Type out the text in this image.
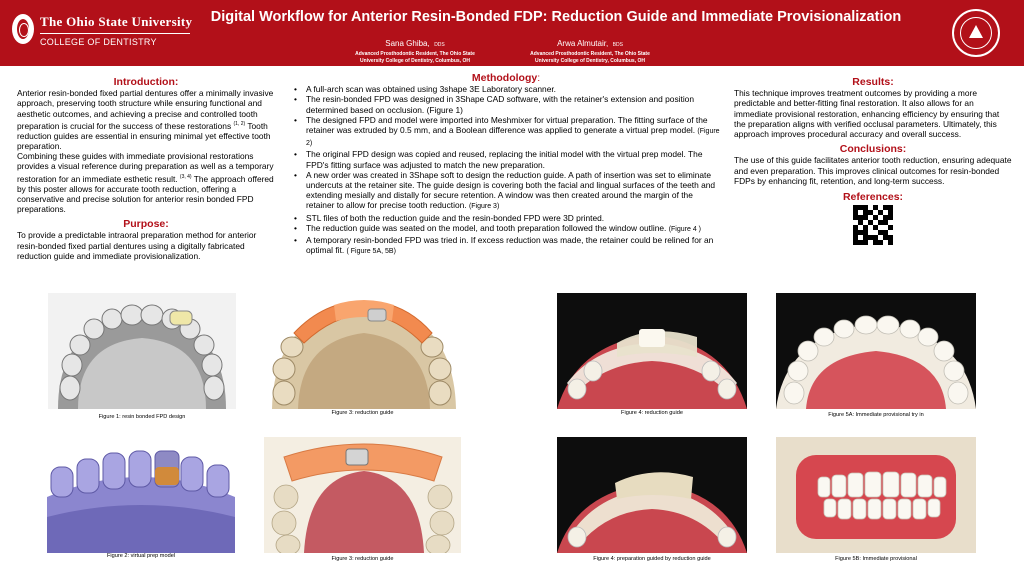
The Ohio State University
COLLEGE OF DENTISTRY
Digital Workflow for Anterior Resin-Bonded FDP: Reduction Guide and Immediate Provisionalization
Sana Ghiba, DDS
Advanced Prosthodontic Resident, The Ohio State
University College of Dentistry, Columbus, OH
Arwa Almutair, BDS
Advanced Prosthodontic Resident, The Ohio State
University College of Dentistry, Columbus, OH
Introduction:
Anterior resin-bonded fixed partial dentures offer a minimally invasive approach, preserving tooth structure while ensuring functional and aesthetic outcomes, and achieving a precise and controlled tooth preparation is crucial for the success of these restorations $^{(1, 2)}$ Tooth reduction guides are essential in ensuring minimal yet effective tooth preparation.
Combining these guides with immediate provisional restorations provides a visual reference during preparation as well as a temporary restoration for an immediate esthetic result. $^{(3, 4)}$ The approach offered by this poster allows for accurate tooth reduction, offering a conservative and precise solution for anterior resin bonded FPD preparations.
Purpose:
To provide a predictable intraoral preparation method for anterior resin-bonded fixed partial dentures using a digitally fabricated reduction guide and immediate provisionalization.
Methodology:
• A full-arch scan was obtained using 3shape 3E Laboratory scanner.
• The resin-bonded FPD was designed in 3Shape CAD software, with the retainer's extension and position determined based on occlusion. (Figure 1)
• The designed FPD and model were imported into Meshmixer for virtual preparation. The fitting surface of the retainer was extruded by 0.5 mm, and a Boolean difference was applied to generate a virtual prep model. (Figure 2)
• The original FPD design was copied and reused, replacing the initial model with the virtual prep model. The FPD's fitting surface was adjusted to match the new preparation.
• A new order was created in 3Shape soft to design the reduction guide. A path of insertion was set to eliminate undercuts at the retainer site. The guide design is covering both the facial and lingual surfaces of the teeth and extending mesially and distally for secure retention. A window was then created around the margin of the retainer to allow for precise tooth reduction. (Figure 3)
• STL files of both the reduction guide and the resin-bonded FPD were 3D printed.
• The reduction guide was seated on the model, and tooth preparation followed the window outline. (Figure 4 )
• A temporary resin-bonded FPD was tried in. If excess reduction was made, the retainer could be relined for an optimal fit. ( Figure 5A, 5B)
Results:
This technique improves treatment outcomes by providing a more predictable and better-fitting final restoration. It also allows for an immediate provisional restoration, enhancing efficiency by ensuring that the preparation aligns with verified occlusal parameters. Ultimately, this approach improves procedural accuracy and overall success.
Conclusions:
The use of this guide facilitates anterior tooth reduction, ensuring adequate and even preparation. This improves clinical outcomes for resin-bonded FDPs by enhancing fit, retention, and long-term success.
References:
Figure 1: resin bonded FPD design
Figure 3: reduction guide	Figure 4: reduction guide	Figure 5A: Immediate provisional try in
Figure 2: virtual prep model	Figure 3: reduction guide	Figure 4: preparation guided by reduction guide	Figure 5B: Immediate provisional
